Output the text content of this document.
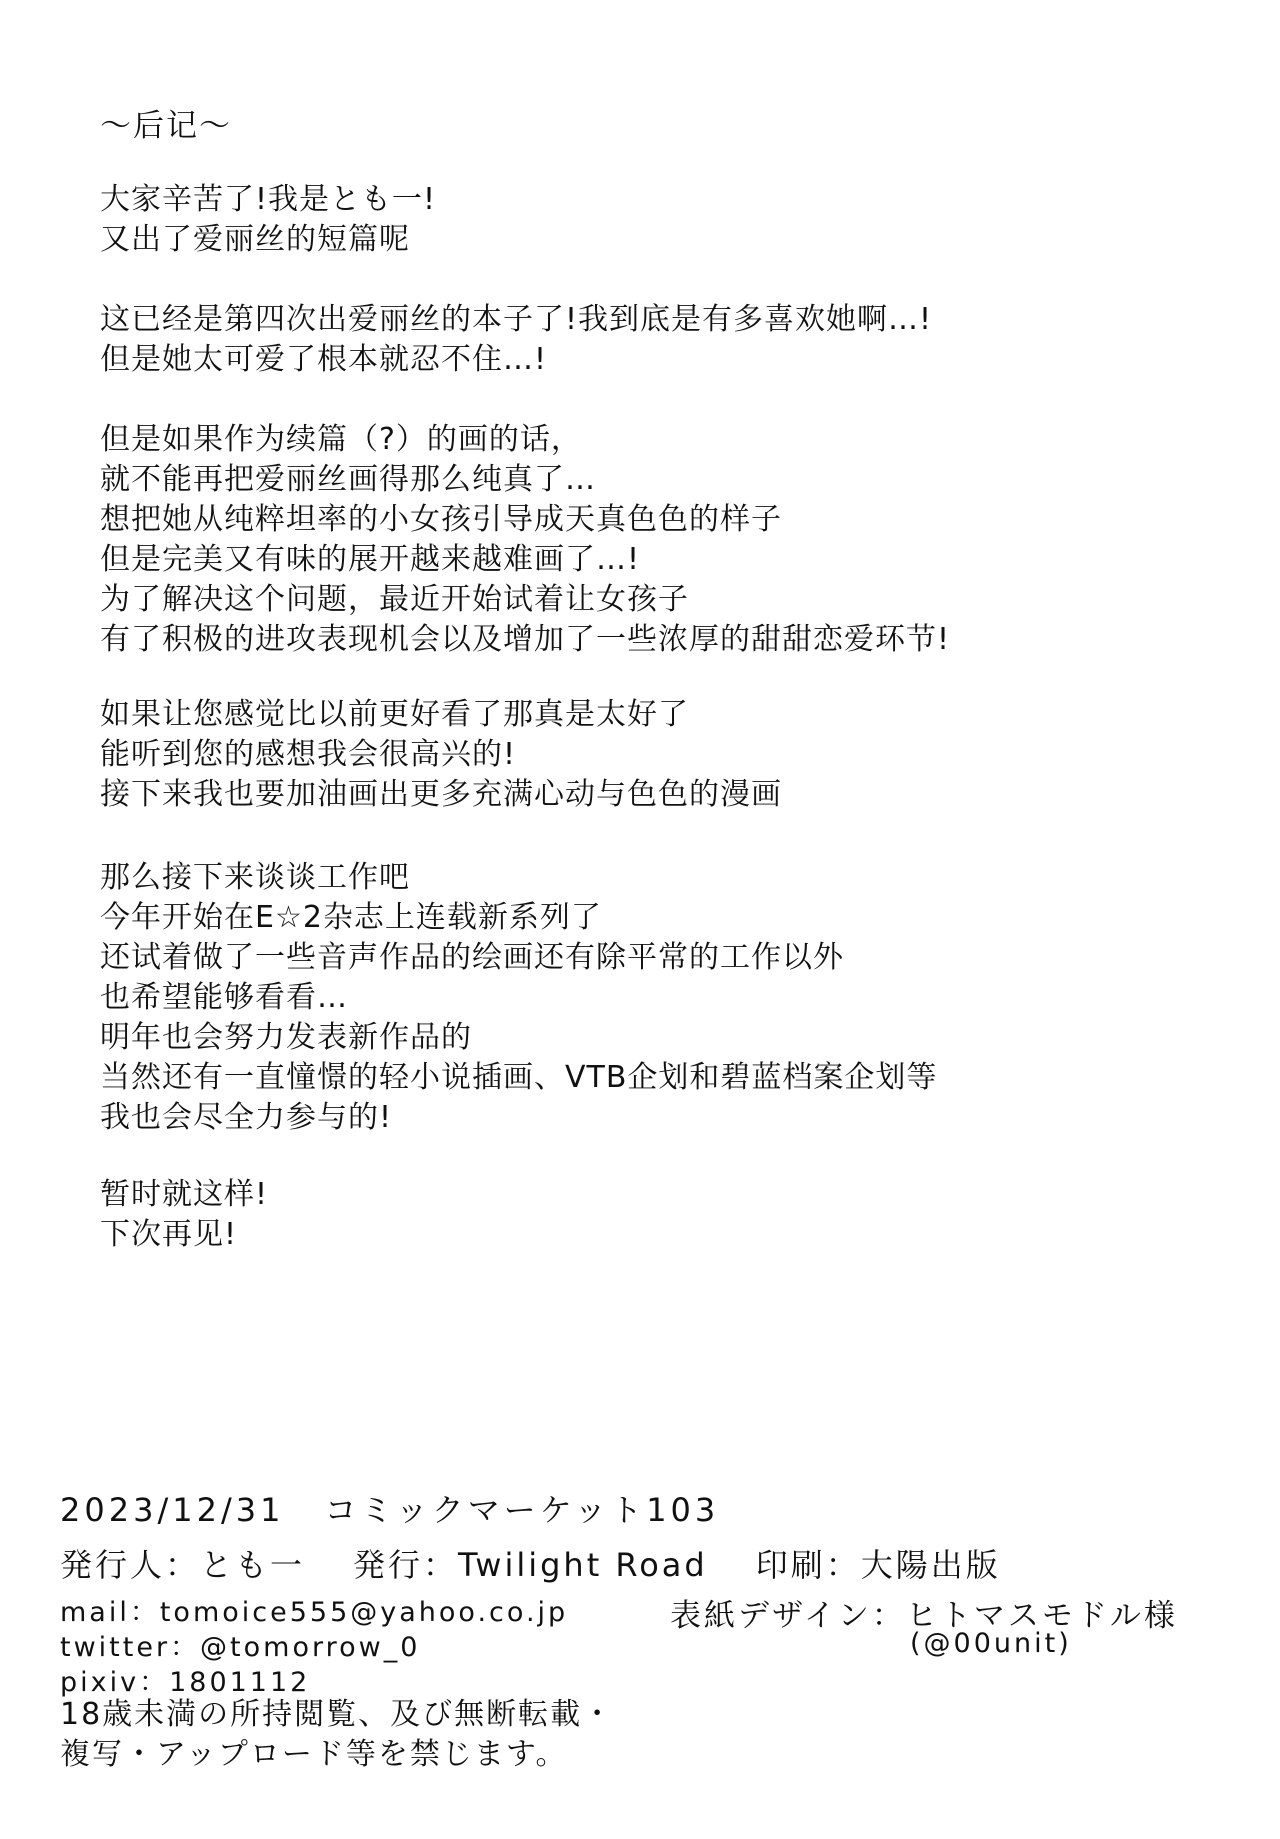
〜后记〜
大家辛苦了!我是とも一!
又出了爱丽丝的短篇呢
这已经是第四次出爱丽丝的本子了!我到底是有多喜欢她啊…!
但是她太可爱了根本就忍不住…!
但是如果作为续篇（?）的画的话，
就不能再把爱丽丝画得那么纯真了…
想把她从纯粹坦率的小女孩引导成天真色色的样子
但是完美又有味的展开越来越难画了…!
为了解决这个问题，最近开始试着让女孩子
有了积极的进攻表现机会以及增加了一些浓厚的甜甜恋爱环节!
如果让您感觉比以前更好看了那真是太好了
能听到您的感想我会很高兴的!
接下来我也要加油画出更多充满心动与色色的漫画
那么接下来谈谈工作吧
今年开始在E☆2杂志上连载新系列了
还试着做了一些音声作品的绘画还有除平常的工作以外
也希望能够看看…
明年也会努力发表新作品的
当然还有一直憧憬的轻小说插画、VTB企划和碧蓝档案企划等
我也会尽全力参与的!
暂时就这样!
下次再见!
2023/12/31 コミックマーケット103
発行人：とも一 発行：Twilight Road 印刷：大陽出版
mail：tomoice555@yahoo.co.jp
twitter：@tomorrow_0
pixiv：1801112
表紙デザイン：ヒトマスモドル様
(@00unit)
18歳未満の所持閲覧、及び無断転載・
複写・アップロード等を禁じます。
